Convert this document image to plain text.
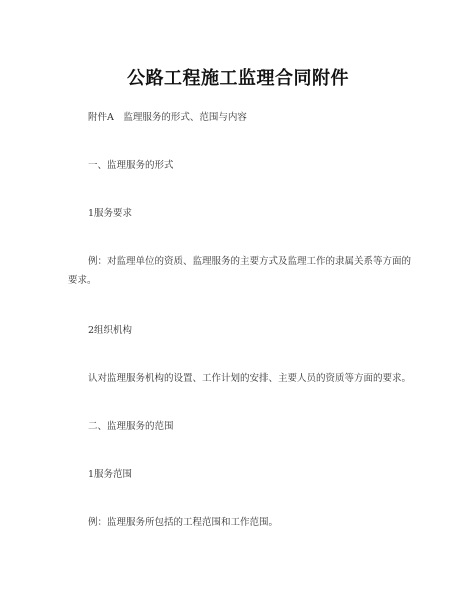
公路工程施工监理合同附件

附件A　监理服务的形式、范围与内容

一、监理服务的形式

1服务要求

例：对监理单位的资质、监理服务的主要方式及监理工作的隶属关系等方面的要求。

2组织机构

认对监理服务机构的设置、工作计划的安排、主要人员的资质等方面的要求。

二、监理服务的范围

1服务范围

例：监理服务所包括的工程范围和工作范围。
